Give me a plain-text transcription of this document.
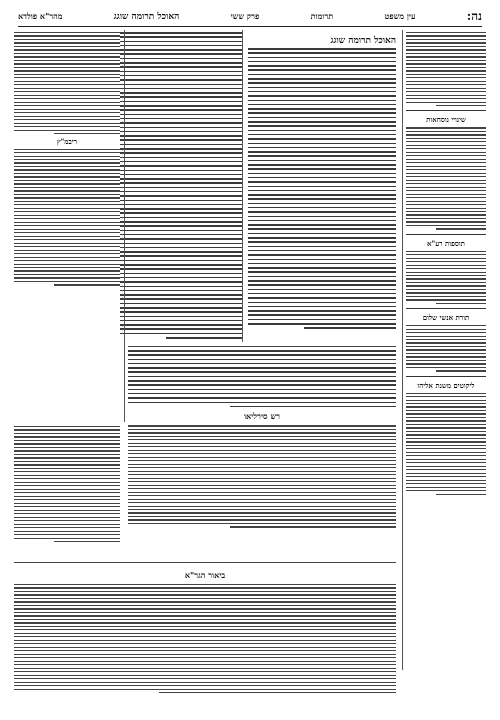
נה:
עין משפט
תרומות
פרק ששי
האוכל תרומה שוגג
מהר"א פולדא
שינויי נוסחאות
תוספות רע"א
תורת אנשי שלום
ליקוטים משנת אליהו
האוכל תרומה שוגג
ריבמ"ץ
רש סירליאו
ביאור הגר"א
